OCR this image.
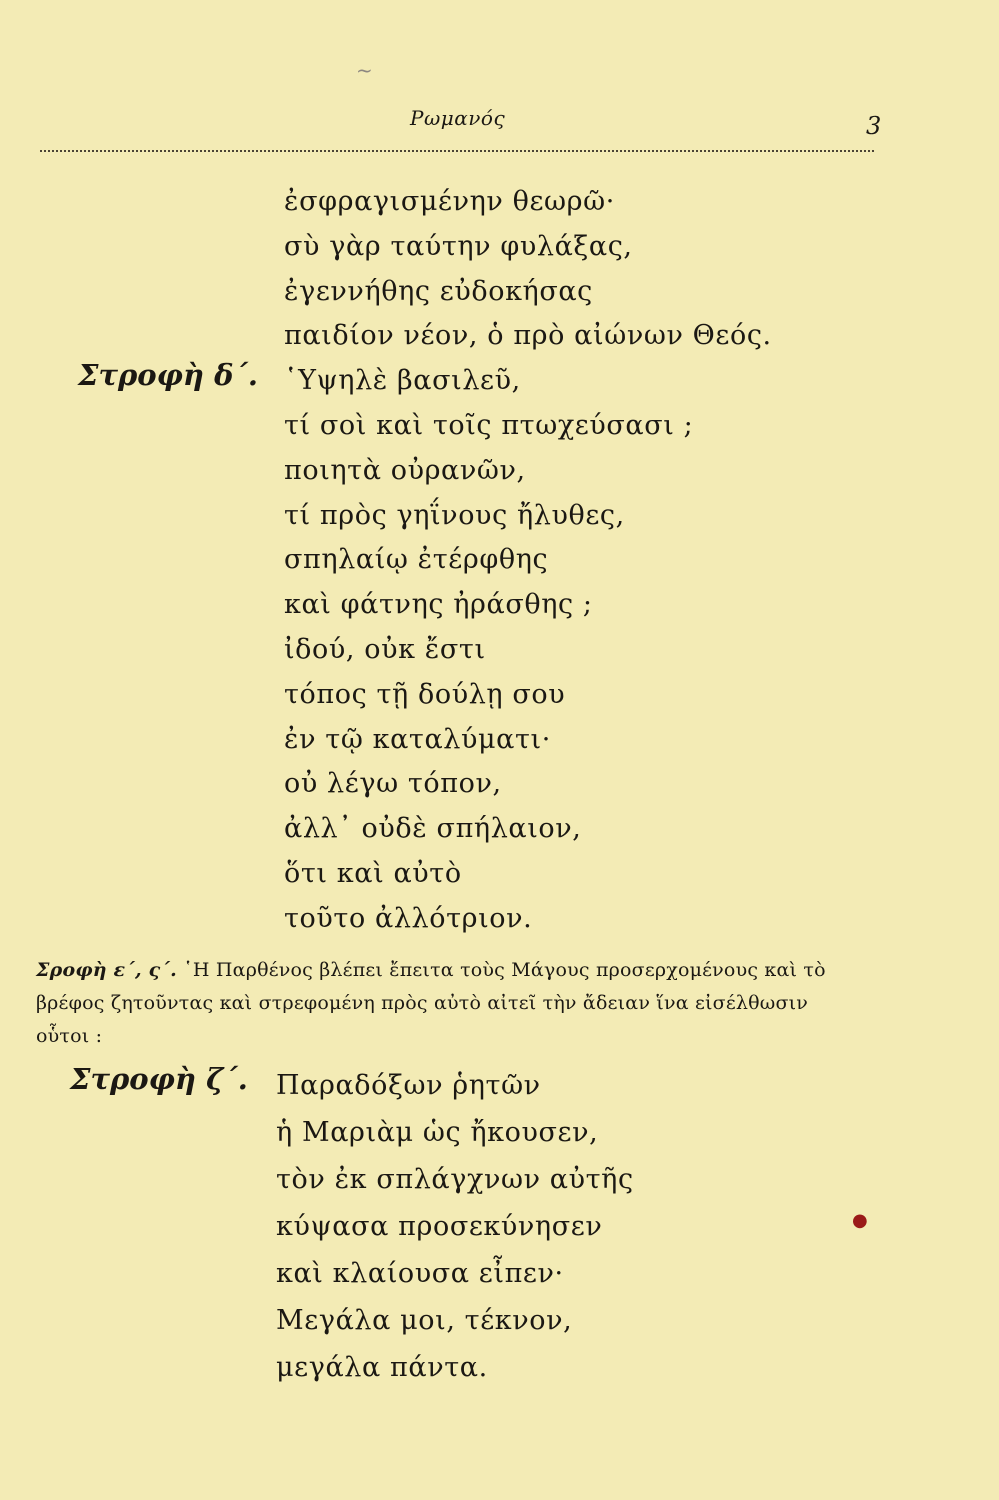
~
Ρωμανός	3
ἐσφραγισμένην θεωρῶ·
σὺ γὰρ ταύτην φυλάξας,
ἐγεννήθης εὐδοκήσας
παιδίον νέον, ὁ πρὸ αἰώνων Θεός.
῾Υψηλὲ βασιλεῦ,
τί σοὶ καὶ τοῖς πτωχεύσασι ;
ποιητὰ οὐρανῶν,
τί πρὸς γηΐνους ἤλυθες,
σπηλαίῳ ἐτέρφθης
καὶ φάτνης ἠράσθης ;
ἰδού, οὐκ ἔστι
τόπος τῇ δούλῃ σου
ἐν τῷ καταλύματι·
οὐ λέγω τόπον,
ἀλλ᾽ οὐδὲ σπήλαιον,
ὅτι καὶ αὐτὸ
τοῦτο ἀλλότριον.
Στροφὴ δ΄.
Σροφὴ ε΄, ς΄. ῾Η Παρθένος βλέπει ἔπειτα τοὺς Μάγους προσερχομένους καὶ τὸ βρέφος ζητοῦντας καὶ στρεφομένη πρὸς αὐτὸ αἰτεῖ τὴν ἄδειαν ἵνα εἰσέλθωσιν οὗτοι :
Στροφὴ ζ΄. Παραδόξων ῥητῶν
ἡ Μαριὰμ ὡς ἤκουσεν,
τὸν ἐκ σπλάγχνων αὐτῆς
κύψασα προσεκύνησεν
καὶ κλαίουσα εἶπεν·
Μεγάλα μοι, τέκνον,
μεγάλα πάντα.
●
